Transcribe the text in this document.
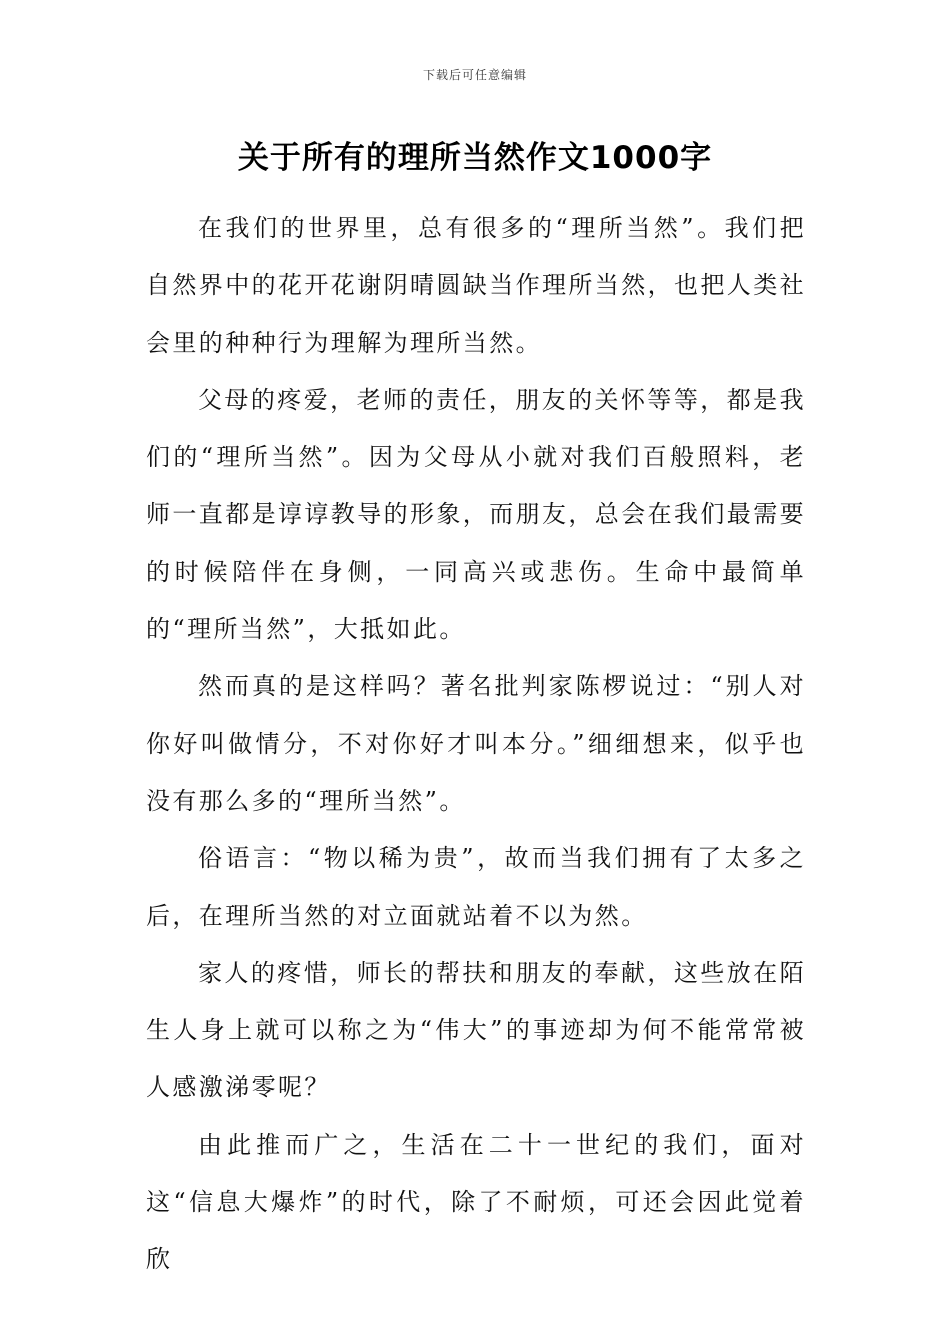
下载后可任意编辑
关于所有的理所当然作文1000字

在我们的世界里，总有很多的“理所当然”。我们把自然界中的花开花谢阴晴圆缺当作理所当然，也把人类社会里的种种行为理解为理所当然。

父母的疼爱，老师的责任，朋友的关怀等等，都是我们的“理所当然”。因为父母从小就对我们百般照料，老师一直都是谆谆教导的形象，而朋友，总会在我们最需要的时候陪伴在身侧，一同高兴或悲伤。生命中最简单的“理所当然”，大抵如此。

然而真的是这样吗？著名批判家陈椤说过：“别人对你好叫做情分，不对你好才叫本分。”细细想来，似乎也没有那么多的“理所当然”。

俗语言：“物以稀为贵”，故而当我们拥有了太多之后，在理所当然的对立面就站着不以为然。

家人的疼惜，师长的帮扶和朋友的奉献，这些放在陌生人身上就可以称之为“伟大”的事迹却为何不能常常被人感激涕零呢？

由此推而广之，生活在二十一世纪的我们，面对这“信息大爆炸”的时代，除了不耐烦，可还会因此觉着欣
